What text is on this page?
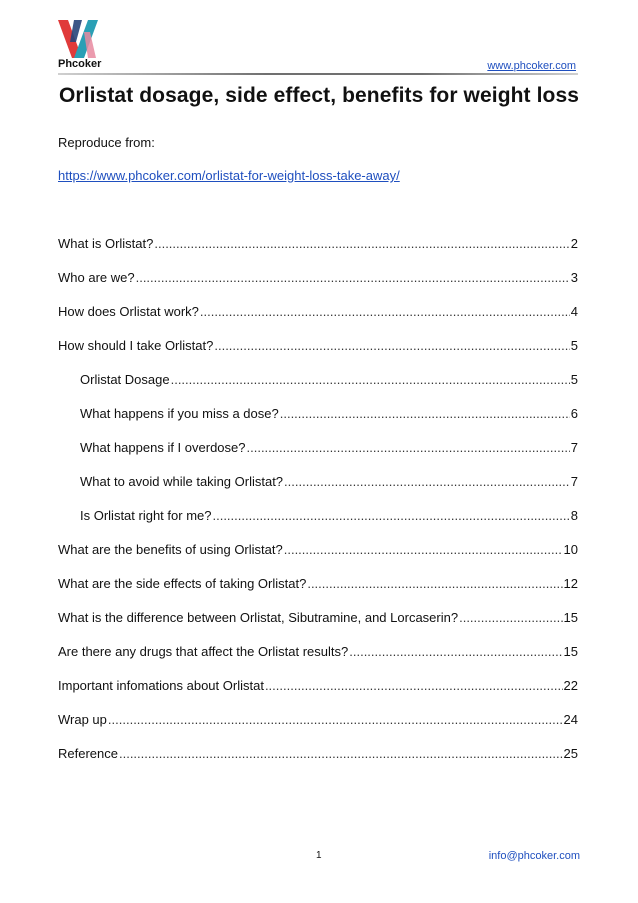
Phcoker	www.phcoker.com
Orlistat dosage, side effect, benefits for weight loss
Reproduce from:
https://www.phcoker.com/orlistat-for-weight-loss-take-away/
What is Orlistat? .....	2
Who are we? .....	3
How does Orlistat work? .....	4
How should I take Orlistat? .....	5
Orlistat Dosage .....	5
What happens if you miss a dose? .....	6
What happens if I overdose? .....	7
What to avoid while taking Orlistat? .....	7
Is Orlistat right for me? .....	8
What are the benefits of using Orlistat? .....	10
What are the side effects of taking Orlistat? .....	12
What is the difference between Orlistat, Sibutramine, and Lorcaserin? .....	15
Are there any drugs that affect the Orlistat results? .....	15
Important infomations about Orlistat .....	22
Wrap up .....	24
Reference .....	25
1	info@phcoker.com
